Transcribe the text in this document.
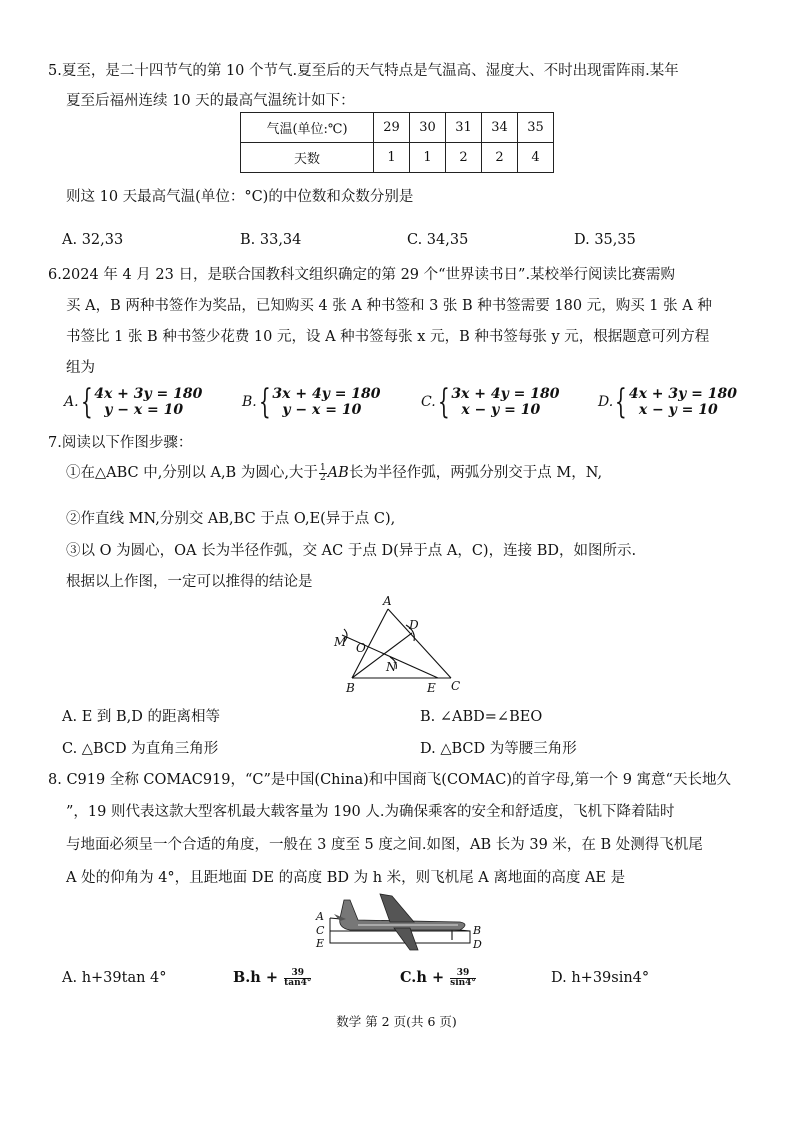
5.夏至，是二十四节气的第 10 个节气.夏至后的天气特点是气温高、湿度大、不时出现雷阵雨.某年
夏至后福州连续 10 天的最高气温统计如下：
气温(单位:℃)	29	30	31	34	35
天数	1	1	2	2	4
则这 10 天最高气温(单位：°C)的中位数和众数分别是
A. 32,33	B. 33,34	C. 34,35	D. 35,35
6.2024 年 4 月 23 日，是联合国教科文组织确定的第 29 个“世界读书日”.某校举行阅读比赛需购
买 A，B 两种书签作为奖品，已知购买 4 张 A 种书签和 3 张 B 种书签需要 180 元，购买 1 张 A 种
书签比 1 张 B 种书签少花费 10 元，设 A 种书签每张 x 元，B 种书签每张 y 元，根据题意可列方程
组为
A. { 4x + 3y = 180
y − x = 10	B. { 3x + 4y = 180
y − x = 10	C. { 3x + 4y = 180
x − y = 10	D. { 4x + 3y = 180
x − y = 10
7.阅读以下作图步骤：
①在△ABC 中,分别以 A,B 为圆心,大于 $\frac{1}{2}$ AB长为半径作弧，两弧分别交于点 M，N,
②作直线 MN,分别交 AB,BC 于点 O,E(异于点 C),
③以 O 为圆心，OA 长为半径作弧，交 AC 于点 D(异于点 A，C)，连接 BD，如图所示.
根据以上作图，一定可以推得的结论是
A
B	C
D
E
M
N
O
A. E 到 B,D 的距离相等	B. ∠ABD=∠BEO
C. △BCD 为直角三角形	D. △BCD 为等腰三角形
8. C919 全称 COMAC919，“C”是中国(China)和中国商飞(COMAC)的首字母,第一个 9 寓意“天长地久
”，19 则代表这款大型客机最大载客量为 190 人.为确保乘客的安全和舒适度，飞机下降着陆时
与地面必须呈一个合适的角度，一般在 3 度至 5 度之间.如图，AB 长为 39 米，在 B 处测得飞机尾
A 处的仰角为 4°，且距地面 DE 的高度 BD 为 h 米，则飞机尾 A 离地面的高度 AE 是
A
C
E
B
D
A. h+39tan 4°	$B.h + \frac{39}{\tan 4^\circ}$	$C.h + \frac{39}{\sin 4^\circ}$	D. h+39sin4°
数学 第 2 页(共 6 页)
